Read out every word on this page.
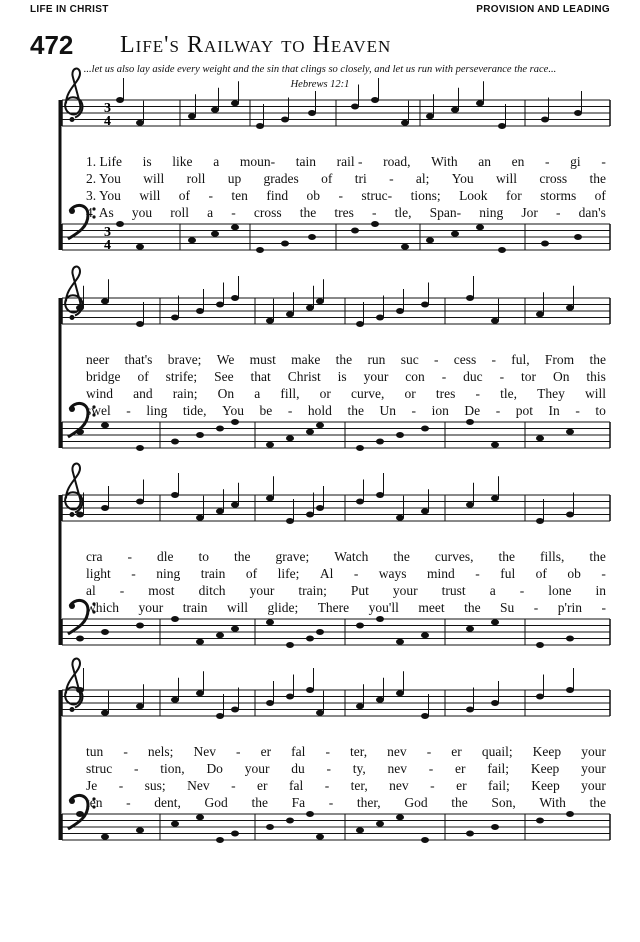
LIFE IN CHRIST	PROVISION AND LEADING
472 Life's Railway to Heaven
...let us also lay aside every weight and the sin that clings so closely, and let us run with perseverance the race...
Hebrews 12:1
3
4
3
4
1. Life is like a moun- tain rail - road, With an en - gi -
2. You will roll up grades of tri - al; You will cross the
3. You will of - ten find ob - struc- tions; Look for storms of
4. As you roll a - cross the tres - tle, Span- ning Jor - dan's
neer that's brave; We must make the run suc - cess - ful, From the
bridge of strife; See that Christ is your con - duc - tor On this
wind and rain; On a fill, or curve, or tres - tle, They will
swel - ling tide, You be - hold the Un - ion De - pot In - to
cra - dle to the grave; Watch the curves, the fills, the
light - ning train of life; Al - ways mind - ful of ob -
al - most ditch your train; Put your trust a - lone in
which your train will glide; There you'll meet the Su - p'rin -
tun - nels; Nev - er fal - ter, nev - er quail; Keep your
struc - tion, Do your du - ty, nev - er fail; Keep your
Je - sus; Nev - er fal - ter, nev - er fail; Keep your
ten - dent, God the Fa - ther, God the Son, With the
